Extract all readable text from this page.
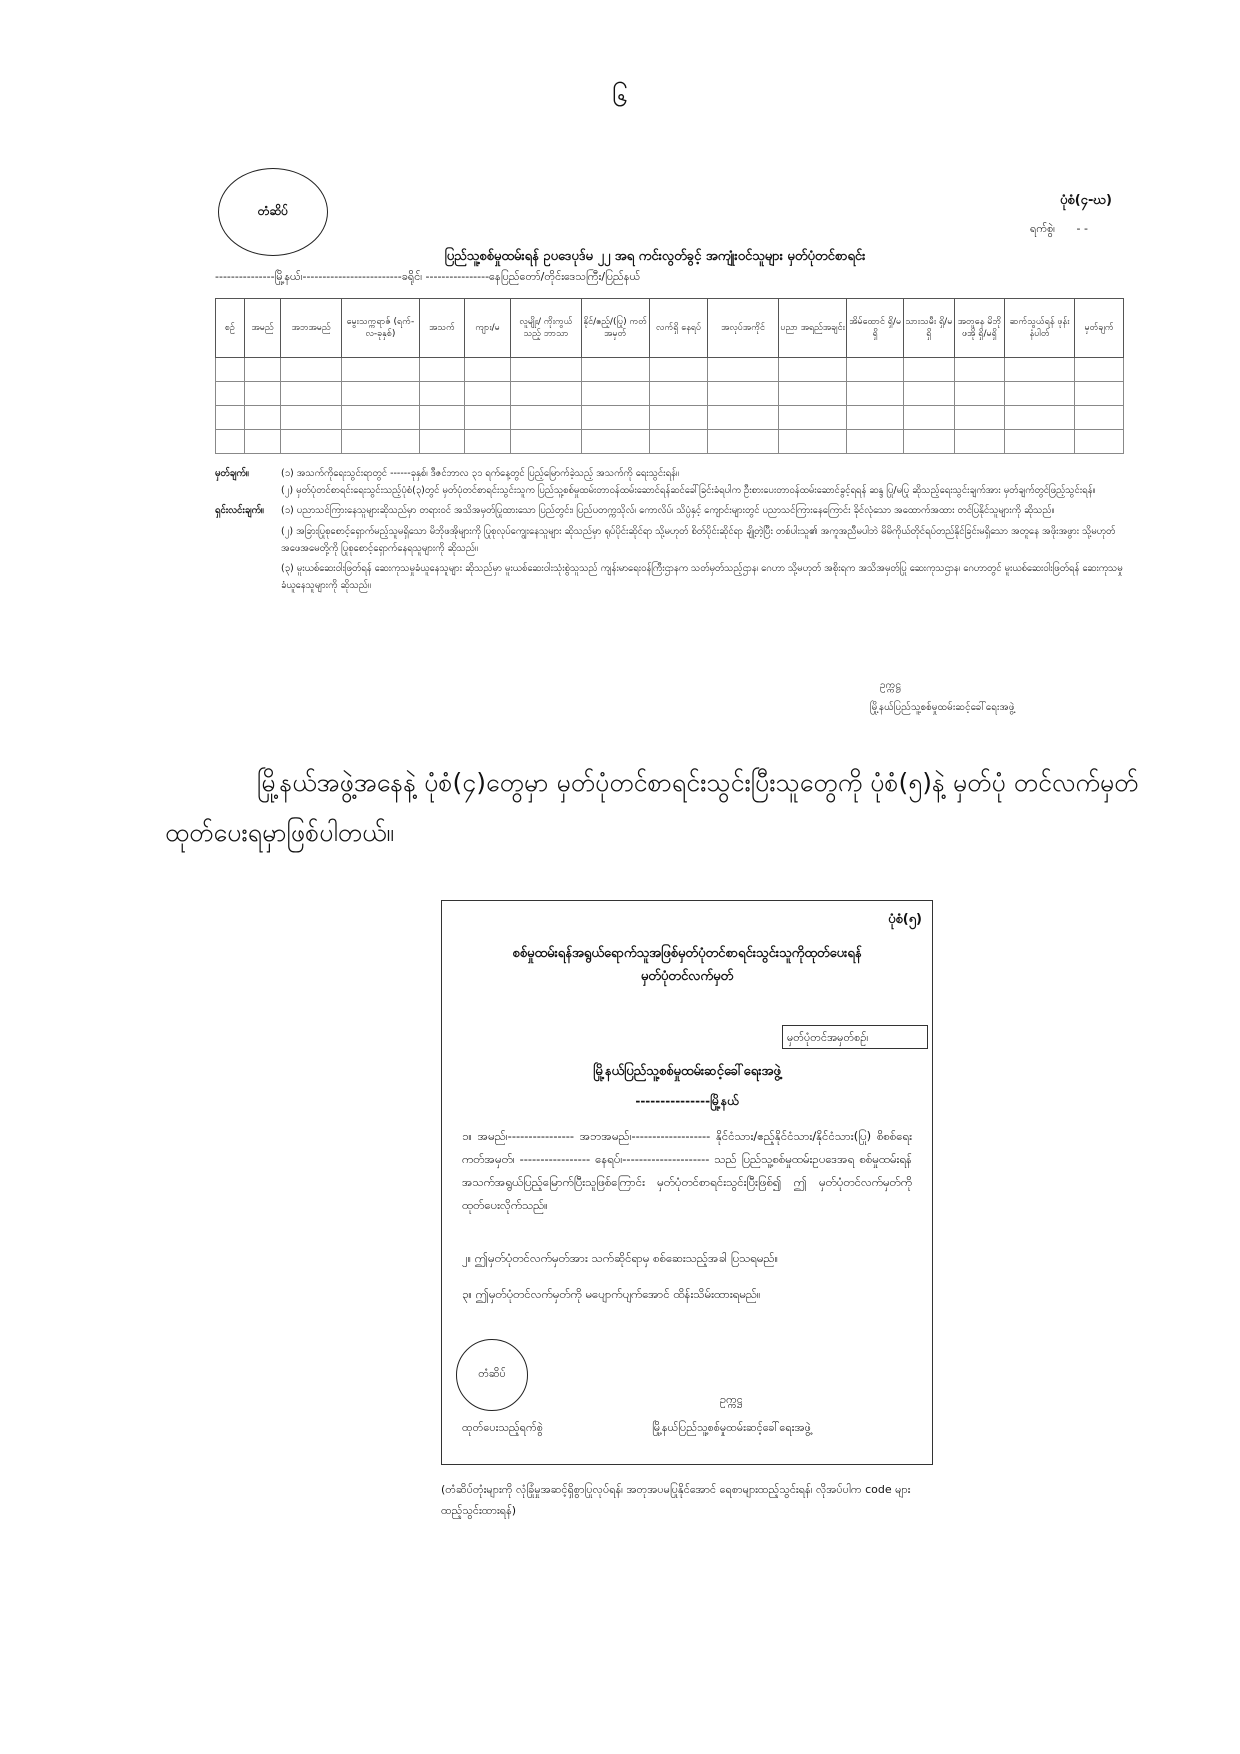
၆
တံဆိပ်
ပုံစံ(၄-ဃ)
ရက်စွဲ၊ - -
ပြည်သူ့စစ်မှုထမ်းရန် ဥပဒေပုဒ်မ ၂၂ အရ ကင်းလွတ်ခွင့် အကျုံးဝင်သူများ မှတ်ပုံတင်စာရင်း
---------------မြို့နယ်၊-------------------------ခရိုင်၊ ----------------နေပြည်တော်/တိုင်းဒေသကြီး/ပြည်နယ်
စဉ်	အမည်	အဘအမည်	မွေးသက္ကရာဇ် (ရက်-လ-ခုနှစ်)	အသက်	ကျား/မ	လူမျိုး/ ကိုးကွယ်သည့် ဘာသာ	နိုင်/ဧည့်/(ပြု) ကတ်အမှတ်	လက်ရှိ နေရပ်	အလုပ်အကိုင်	ပညာ အရည်အချင်း	အိမ်ထောင် ရှိ/မရှိ	သားသမီး ရှိ/မရှိ	အတူနေ မိဘိုဖအို ရှိ/မရှိ	ဆက်သွယ်ရန် ဖုန်းနံပါတ်	မှတ်ချက်

မှတ်ချက်။	(၁) အသက်ကိုရေးသွင်းရာတွင် ------ခုနှစ်၊ ဒီဇင်ဘာလ ၃၁ ရက်နေ့တွင် ပြည့်မြောက်ခဲ့သည့် အသက်ကို ရေးသွင်းရန်။
(၂) မှတ်ပုံတင်စာရင်းရေးသွင်းသည့်ပုံစံ(၃)တွင် မှတ်ပုံတင်စာရင်းသွင်းသူက ပြည်သူ့စစ်မှုထမ်းတာဝန်ထမ်းဆောင်ရန်ဆင်ခေါ်ခြင်းခံရပါက ဦးစားပေးတာဝန်ထမ်းဆောင်ခွင့်ရရန် ဆန္ဒ ပြု/မပြု ဆိုသည့်ရေးသွင်းချက်အား မှတ်ချက်တွင်ဖြည့်သွင်းရန်။
ရှင်းလင်းချက်။	(၁) ပညာသင်ကြားနေသူများဆိုသည်မှာ တရားဝင် အသိအမှတ်ပြုထားသော ပြည်တွင်း၊ ပြည်ပတက္ကသိုလ်၊ ကောလိပ်၊ သိပ္ပံနှင့် ကျောင်းများတွင် ပညာသင်ကြားနေကြောင်း ခိုင်လုံသော အထောက်အထား တင်ပြနိုင်သူများကို ဆိုသည်။
(၂) အခြားပြုစုစောင့်ရှောက်မည့်သူမရှိသော မိဘိုဖအိုများကို ပြုစုလုပ်ကျွေးနေသူများ ဆိုသည်မှာ ရုပ်ပိုင်းဆိုင်ရာ သို့မဟုတ် စိတ်ပိုင်းဆိုင်ရာ ချို့တဲ့ပြီး တစ်ပါးသူ၏ အကူအညီမပါဘဲ မိမိကိုယ်တိုင်ရပ်တည်နိုင်ခြင်းမရှိသော အတူနေ အဖိုးအဖွား သို့မဟုတ် အဖေအမေတို့ကို ပြုစုစောင့်ရှောက်နေရသူများကို ဆိုသည်။
(၃) မူးယစ်ဆေးဝါးဖြတ်ရန် ဆေးကုသမှုခံယူနေသူများ ဆိုသည်မှာ မူးယစ်ဆေးဝါးသုံးစွဲသူသည် ကျန်းမာရေးဝန်ကြီးဌာနက သတ်မှတ်သည့်ဌာန၊ ဂေဟာ သို့မဟုတ် အစိုးရက အသိအမှတ်ပြု ဆေးကုသဌာန၊ ဂေဟာတွင် မူးယစ်ဆေးဝါးဖြတ်ရန် ဆေးကုသမှုခံယူနေသူများကို ဆိုသည်။
ဥက္ကဋ္ဌ
မြို့နယ်ပြည်သူ့စစ်မှုထမ်းဆင့်ခေါ်ရေးအဖွဲ့
မြို့နယ်အဖွဲ့အနေနဲ့ ပုံစံ(၄)တွေမှာ မှတ်ပုံတင်စာရင်းသွင်းပြီးသူတွေကို ပုံစံ(၅)နဲ့ မှတ်ပုံ တင်လက်မှတ် ထုတ်ပေးရမှာဖြစ်ပါတယ်။
ပုံစံ(၅)
စစ်မှုထမ်းရန်အရွယ်ရောက်သူအဖြစ်မှတ်ပုံတင်စာရင်းသွင်းသူကိုထုတ်ပေးရန်
မှတ်ပုံတင်လက်မှတ်
မှတ်ပုံတင်အမှတ်စဉ်၊
မြို့နယ်ပြည်သူ့စစ်မှုထမ်းဆင့်ခေါ်ရေးအဖွဲ့
---------------မြို့နယ်
၁။ အမည်၊---------------- အဘအမည်၊------------------- နိုင်ငံသား/ဧည့်နိုင်ငံသား/နိုင်ငံသား(ပြု) စိစစ်ရေးကတ်အမှတ်၊ ----------------- နေရပ်၊--------------------- သည် ပြည်သူ့စစ်မှုထမ်းဥပဒေအရ စစ်မှုထမ်းရန် အသက်အရွယ်ပြည့်မြောက်ပြီးသူဖြစ်ကြောင်း မှတ်ပုံတင်စာရင်းသွင်းပြီးဖြစ်၍ ဤ မှတ်ပုံတင်လက်မှတ်ကို ထုတ်ပေးလိုက်သည်။
၂။ ဤမှတ်ပုံတင်လက်မှတ်အား သက်ဆိုင်ရာမှ စစ်ဆေးသည့်အခါ ပြသရမည်။
၃။ ဤမှတ်ပုံတင်လက်မှတ်ကို မပျောက်ပျက်အောင် ထိန်းသိမ်းထားရမည်။
တံဆိပ်
ဥက္ကဋ္ဌ
ထုတ်ပေးသည့်ရက်စွဲ	မြို့နယ်ပြည်သူ့စစ်မှုထမ်းဆင့်ခေါ်ရေးအဖွဲ့
(တံဆိပ်တုံးများကို လုံခြုံမှုအဆင့်ရှိစွာပြုလုပ်ရန်၊ အတုအပမပြုနိုင်အောင် ရေစာများထည့်သွင်းရန်၊ လိုအပ်ပါက code များထည့်သွင်းထားရန်)
